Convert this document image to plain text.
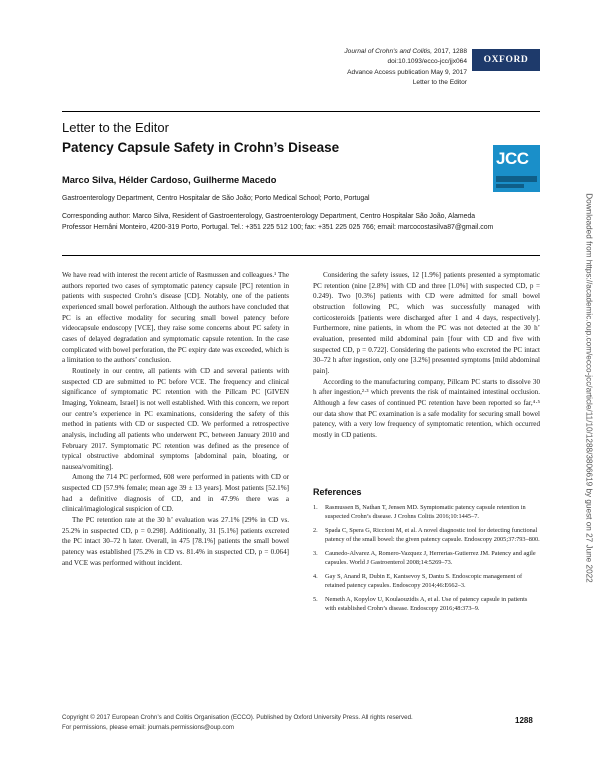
Journal of Crohn's and Colitis, 2017, 1288
doi:10.1093/ecco-jcc/jjx064
Advance Access publication May 9, 2017
Letter to the Editor
OXFORD
Letter to the Editor
Patency Capsule Safety in Crohn’s Disease
JCC
Marco Silva, Hélder Cardoso, Guilherme Macedo
Gastroenterology Department, Centro Hospitalar de São João; Porto Medical School; Porto, Portugal
Corresponding author: Marco Silva, Resident of Gastroenterology, Gastroenterology Department, Centro Hospitalar São João, Alameda Professor Hernâni Monteiro, 4200-319 Porto, Portugal. Tel.: +351 225 512 100; fax: +351 225 025 766; email: marcocostasilva87@gmail.com

We have read with interest the recent article of Rasmussen and colleagues.¹ The authors reported two cases of symptomatic patency capsule [PC] retention in patients with suspected Crohn’s disease [CD]. Notably, one of the patients experienced small bowel perforation. Although the authors have concluded that PC is an effective modality for securing small bowel patency before videocapsule endoscopy [VCE], they raise some concerns about PC safety in cases of delayed degradation and symptomatic capsule retention. In the case complicated with bowel perforation, the PC expiry date was exceeded, which is a limitation to the authors’ conclusion.

Routinely in our centre, all patients with CD and several patients with suspected CD are submitted to PC before VCE. The frequency and clinical significance of symptomatic PC retention with the Pillcam PC [GIVEN Imaging, Yokneam, Israel] is not well established. With this concern, we report our centre’s experience in PC examinations, considering the safety of this method in patients with CD or suspected CD. We performed a retrospective analysis, including all patients who underwent PC, between January 2010 and February 2017. Symptomatic PC retention was defined as the presence of typical obstructive abdominal symptoms [abdominal pain, bloating, or nausea/vomiting].

Among the 714 PC performed, 608 were performed in patients with CD or suspected CD [57.9% female; mean age 39 ± 13 years]. Most patients [52.1%] had a definitive diagnosis of CD, and in 47.9% there was a clinical/imagiological suspicion of CD.

The PC retention rate at the 30 h’ evaluation was 27.1% [29% in CD vs. 25.2% in suspected CD, p = 0.298]. Additionally, 31 [5.1%] patients excreted the PC intact 30–72 h later. Overall, in 475 [78.1%] patients the small bowel patency was established [75.2% in CD vs. 81.4% in suspected CD, p = 0.064] and VCE was performed without incident.

Considering the safety issues, 12 [1.9%] patients presented a symptomatic PC retention (nine [2.8%] with CD and three [1.0%] with suspected CD, p = 0.249). Two [0.3%] patients with CD were admitted for small bowel obstruction following PC, which was successfully managed with corticosteroids [patients were discharged after 1 and 4 days, respectively]. Furthermore, nine patients, in whom the PC was not detected at the 30 h’ evaluation, presented mild abdominal pain [four with CD and five with suspected CD, p = 0.722]. Considering the patients who excreted the PC intact 30–72 h after ingestion, only one [3.2%] presented symptoms [mild abdominal pain].

According to the manufacturing company, Pillcam PC starts to dissolve 30 h after ingestion,²·³ which prevents the risk of maintained intestinal occlusion. Although a few cases of continued PC retention have been reported so far,⁴·⁵ our data show that PC examination is a safe modality for securing small bowel patency, with a very low frequency of symptomatic retention, which occurred mostly in CD patients.

References
1. Rasmussen B, Nathan T, Jensen MD. Symptomatic patency capsule retention in suspected Crohn’s disease. J Crohns Colitis 2016;10:1445–7.
2. Spada C, Spera G, Riccioni M, et al. A novel diagnostic tool for detecting functional patency of the small bowel: the given patency capsule. Endoscopy 2005;37:793–800.
3. Caunedo-Alvarez A, Romero-Vazquez J, Herrerias-Gutierrez JM. Patency and agile capsules. World J Gastroenterol 2008;14:5269–73.
4. Gay S, Anand R, Dubin E, Kantsevoy S, Dantu S. Endoscopic management of retained patency capsules. Endoscopy 2014;46:E662–3.
5. Nemeth A, Kopylov U, Koulaouzidis A, et al. Use of patency capsule in patients with established Crohn’s disease. Endoscopy 2016;48:373–9.
Copyright © 2017 European Crohn’s and Colitis Organisation (ECCO). Published by Oxford University Press. All rights reserved.
For permissions, please email: journals.permissions@oup.com
1288
Downloaded from https://academic.oup.com/ecco-jcc/article/11/10/1288/3806619 by guest on 27 June 2022
